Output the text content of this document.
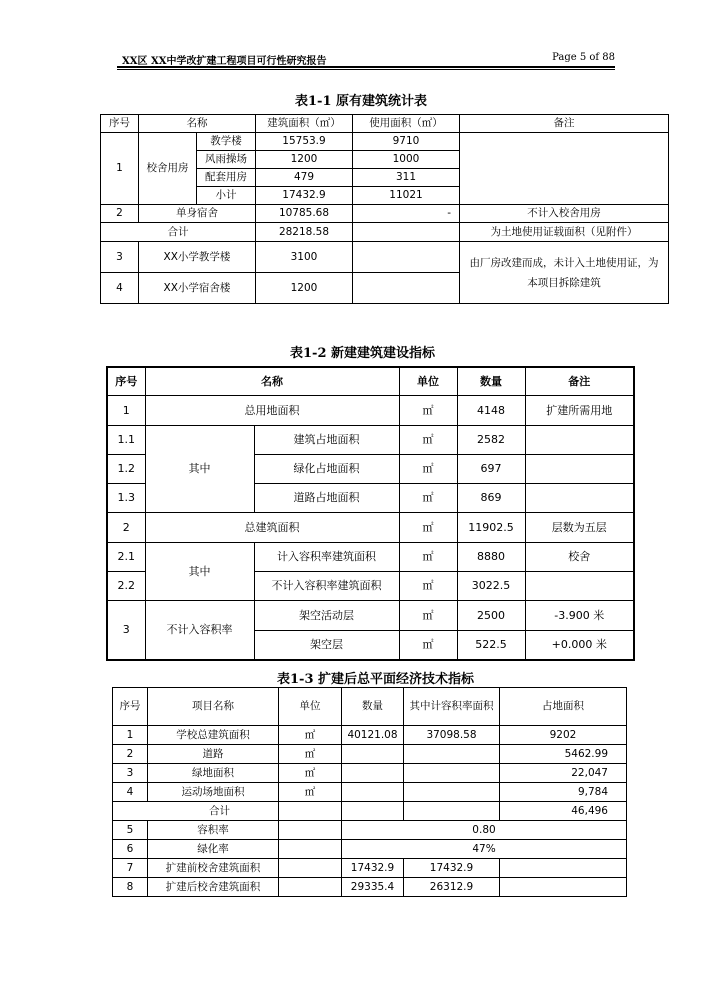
XX区 XX中学改扩建工程项目可行性研究报告	Page 5 of 88
表1-1 原有建筑统计表
序号	名称		建筑面积（㎡）	使用面积（㎡）	备注
1	校舍用房	教学楼	15753.9	9710	
		风雨操场	1200	1000	
		配套用房	479	311	
		小计	17432.9	11021	
2	单身宿舍		10785.68	-	不计入校舍用房
合计			28218.58		为土地使用证载面积（见附件）
3	XX小学教学楼		3100		由厂房改建而成，未计入土地使用证，为本项目拆除建筑
4	XX小学宿舍楼		1200		
表1-2 新建建筑建设指标
序号	名称		单位	数量	备注
1	总用地面积		㎡	4148	扩建所需用地
1.1	其中	建筑占地面积	㎡	2582	
1.2		绿化占地面积	㎡	697	
1.3		道路占地面积	㎡	869	
2	总建筑面积		㎡	11902.5	层数为五层
2.1	其中	计入容积率建筑面积	㎡	8880	校舍
2.2		不计入容积率建筑面积	㎡	3022.5	
3	不计入容积率	架空活动层	㎡	2500	-3.900 米
		架空层	㎡	522.5	+0.000 米
表1-3 扩建后总平面经济技术指标
序号	项目名称	单位	数量	其中计容积率面积	占地面积
1	学校总建筑面积	㎡	40121.08	37098.58	9202
2	道路	㎡			5462.99
3	绿地面积	㎡			22,047
4	运动场地面积	㎡			9,784
合计					46,496
5	容积率		0.80		
6	绿化率		47%		
7	扩建前校舍建筑面积		17432.9	17432.9	
8	扩建后校舍建筑面积		29335.4	26312.9	
